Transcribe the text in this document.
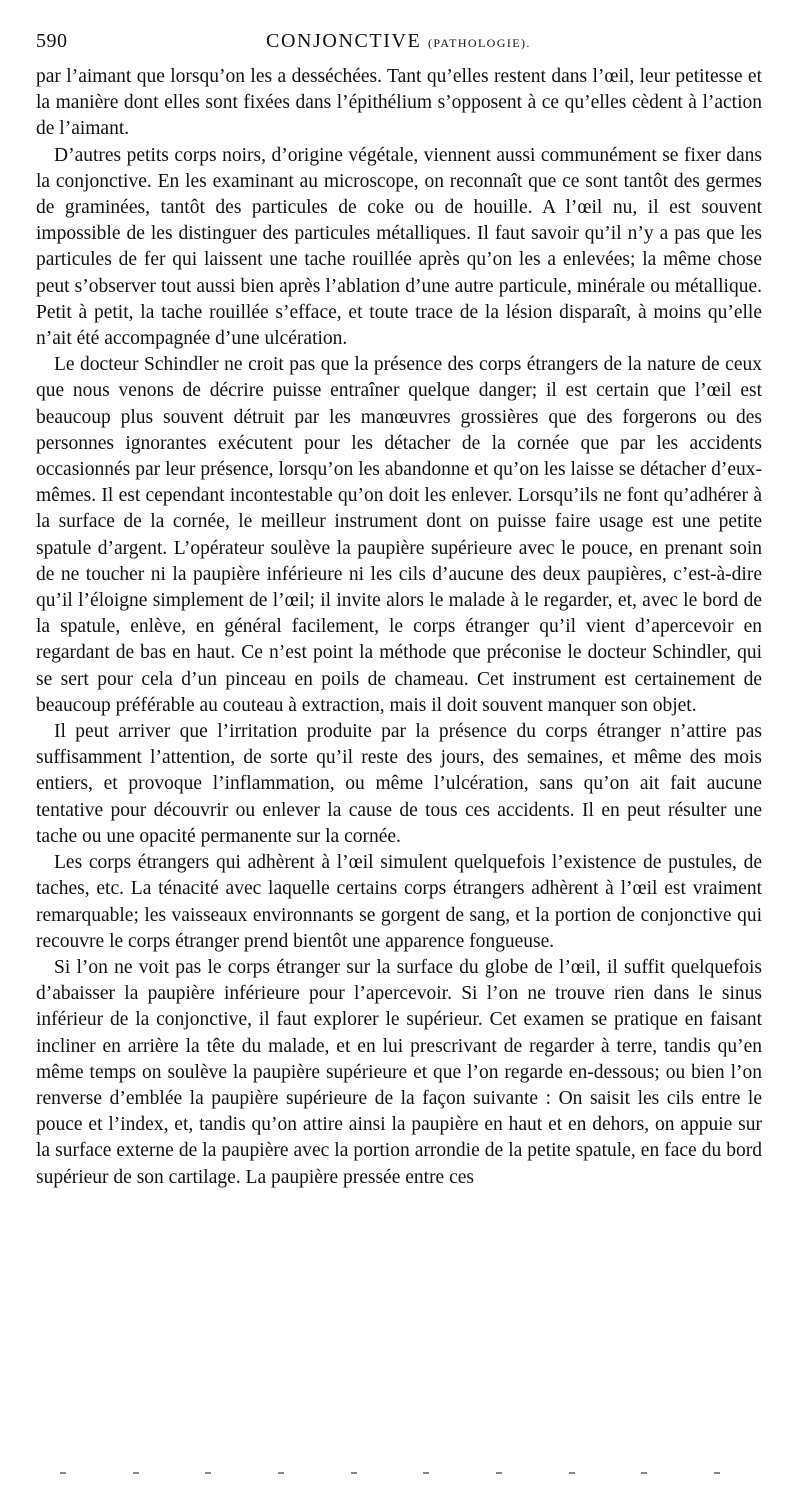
590	CONJONCTIVE (PATHOLOGIE).

par l’aimant que lorsqu’on les a desséchées. Tant qu’elles restent dans l’œil, leur petitesse et la manière dont elles sont fixées dans l’épithélium s’opposent à ce qu’elles cèdent à l’action de l’aimant.

D’autres petits corps noirs, d’origine végétale, viennent aussi communément se fixer dans la conjonctive. En les examinant au microscope, on reconnaît que ce sont tantôt des germes de graminées, tantôt des particules de coke ou de houille. A l’œil nu, il est souvent impossible de les distinguer des particules métalliques. Il faut savoir qu’il n’y a pas que les particules de fer qui laissent une tache rouillée après qu’on les a enlevées; la même chose peut s’observer tout aussi bien après l’ablation d’une autre particule, minérale ou métallique. Petit à petit, la tache rouillée s’efface, et toute trace de la lésion disparaît, à moins qu’elle n’ait été accompagnée d’une ulcération.

Le docteur Schindler ne croit pas que la présence des corps étrangers de la nature de ceux que nous venons de décrire puisse entraîner quelque danger; il est certain que l’œil est beaucoup plus souvent détruit par les manœuvres grossières que des forgerons ou des personnes ignorantes exécutent pour les détacher de la cornée que par les accidents occasionnés par leur présence, lorsqu’on les abandonne et qu’on les laisse se détacher d’eux-mêmes. Il est cependant incontestable qu’on doit les enlever. Lorsqu’ils ne font qu’adhérer à la surface de la cornée, le meilleur instrument dont on puisse faire usage est une petite spatule d’argent. L’opérateur soulève la paupière supérieure avec le pouce, en prenant soin de ne toucher ni la paupière inférieure ni les cils d’aucune des deux paupières, c’est-à-dire qu’il l’éloigne simplement de l’œil; il invite alors le malade à le regarder, et, avec le bord de la spatule, enlève, en général facilement, le corps étranger qu’il vient d’apercevoir en regardant de bas en haut. Ce n’est point la méthode que préconise le docteur Schindler, qui se sert pour cela d’un pinceau en poils de chameau. Cet instrument est certainement de beaucoup préférable au couteau à extraction, mais il doit souvent manquer son objet.

Il peut arriver que l’irritation produite par la présence du corps étranger n’attire pas suffisamment l’attention, de sorte qu’il reste des jours, des semaines, et même des mois entiers, et provoque l’inflammation, ou même l’ulcération, sans qu’on ait fait aucune tentative pour découvrir ou enlever la cause de tous ces accidents. Il en peut résulter une tache ou une opacité permanente sur la cornée.

Les corps étrangers qui adhèrent à l’œil simulent quelquefois l’existence de pustules, de taches, etc. La ténacité avec laquelle certains corps étrangers adhèrent à l’œil est vraiment remarquable; les vaisseaux environnants se gorgent de sang, et la portion de conjonctive qui recouvre le corps étranger prend bientôt une apparence fongueuse.

Si l’on ne voit pas le corps étranger sur la surface du globe de l’œil, il suffit quelquefois d’abaisser la paupière inférieure pour l’apercevoir. Si l’on ne trouve rien dans le sinus inférieur de la conjonctive, il faut explorer le supérieur. Cet examen se pratique en faisant incliner en arrière la tête du malade, et en lui prescrivant de regarder à terre, tandis qu’en même temps on soulève la paupière supérieure et que l’on regarde en-dessous; ou bien l’on renverse d’emblée la paupière supérieure de la façon suivante : On saisit les cils entre le pouce et l’index, et, tandis qu’on attire ainsi la paupière en haut et en dehors, on appuie sur la surface externe de la paupière avec la portion arrondie de la petite spatule, en face du bord supérieur de son cartilage. La paupière pressée entre ces
